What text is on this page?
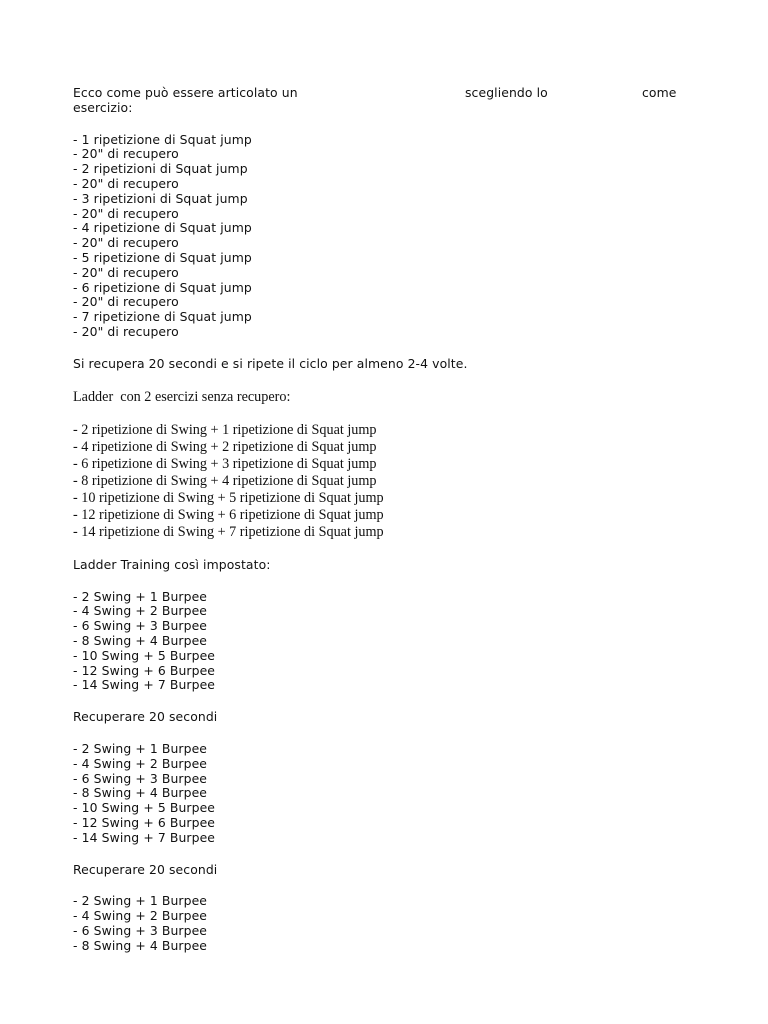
Ecco come può essere articolato un	scegliendo lo	come

esercizio:

- 1 ripetizione di Squat jump
- 20" di recupero
- 2 ripetizioni di Squat jump
- 20" di recupero
- 3 ripetizioni di Squat jump
- 20" di recupero
- 4 ripetizione di Squat jump
- 20" di recupero
- 5 ripetizione di Squat jump
- 20" di recupero
- 6 ripetizione di Squat jump
- 20" di recupero
- 7 ripetizione di Squat jump
- 20" di recupero

Si recupera 20 secondi e si ripete il ciclo per almeno 2-4 volte.

Ladder  con 2 esercizi senza recupero:

- 2 ripetizione di Swing + 1 ripetizione di Squat jump
- 4 ripetizione di Swing + 2 ripetizione di Squat jump
- 6 ripetizione di Swing + 3 ripetizione di Squat jump
- 8 ripetizione di Swing + 4 ripetizione di Squat jump
- 10 ripetizione di Swing + 5 ripetizione di Squat jump
- 12 ripetizione di Swing + 6 ripetizione di Squat jump
- 14 ripetizione di Swing + 7 ripetizione di Squat jump

Ladder Training così impostato:

- 2 Swing + 1 Burpee
- 4 Swing + 2 Burpee
- 6 Swing + 3 Burpee
- 8 Swing + 4 Burpee
- 10 Swing + 5 Burpee
- 12 Swing + 6 Burpee
- 14 Swing + 7 Burpee

Recuperare 20 secondi

- 2 Swing + 1 Burpee
- 4 Swing + 2 Burpee
- 6 Swing + 3 Burpee
- 8 Swing + 4 Burpee
- 10 Swing + 5 Burpee
- 12 Swing + 6 Burpee
- 14 Swing + 7 Burpee

Recuperare 20 secondi

- 2 Swing + 1 Burpee
- 4 Swing + 2 Burpee
- 6 Swing + 3 Burpee
- 8 Swing + 4 Burpee
